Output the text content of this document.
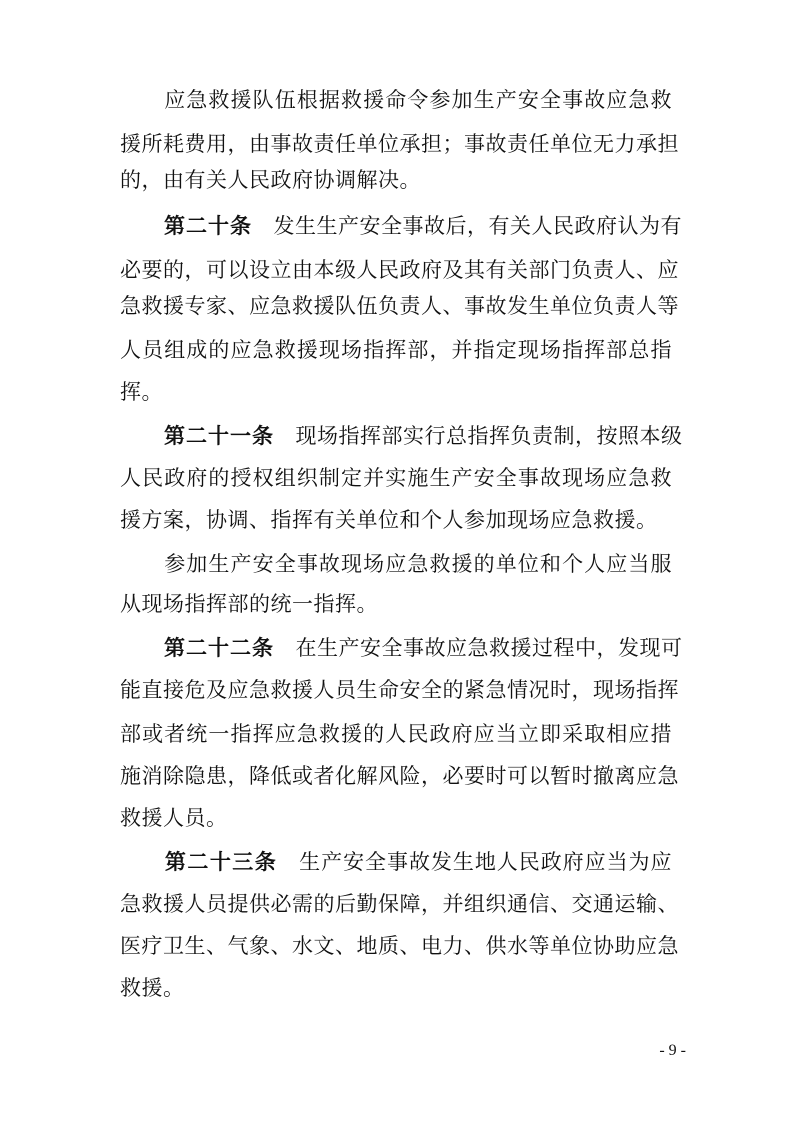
　　应急救援队伍根据救援命令参加生产安全事故应急救
援所耗费用，由事故责任单位承担；事故责任单位无力承担
的，由有关人民政府协调解决。
　　第二十条　发生生产安全事故后，有关人民政府认为有
必要的，可以设立由本级人民政府及其有关部门负责人、应
急救援专家、应急救援队伍负责人、事故发生单位负责人等
人员组成的应急救援现场指挥部，并指定现场指挥部总指
挥。
　　第二十一条　现场指挥部实行总指挥负责制，按照本级
人民政府的授权组织制定并实施生产安全事故现场应急救
援方案，协调、指挥有关单位和个人参加现场应急救援。
　　参加生产安全事故现场应急救援的单位和个人应当服
从现场指挥部的统一指挥。
　　第二十二条　在生产安全事故应急救援过程中，发现可
能直接危及应急救援人员生命安全的紧急情况时，现场指挥
部或者统一指挥应急救援的人民政府应当立即采取相应措
施消除隐患，降低或者化解风险，必要时可以暂时撤离应急
救援人员。
　　第二十三条　生产安全事故发生地人民政府应当为应
急救援人员提供必需的后勤保障，并组织通信、交通运输、
医疗卫生、气象、水文、地质、电力、供水等单位协助应急
救援。
- 9 -
